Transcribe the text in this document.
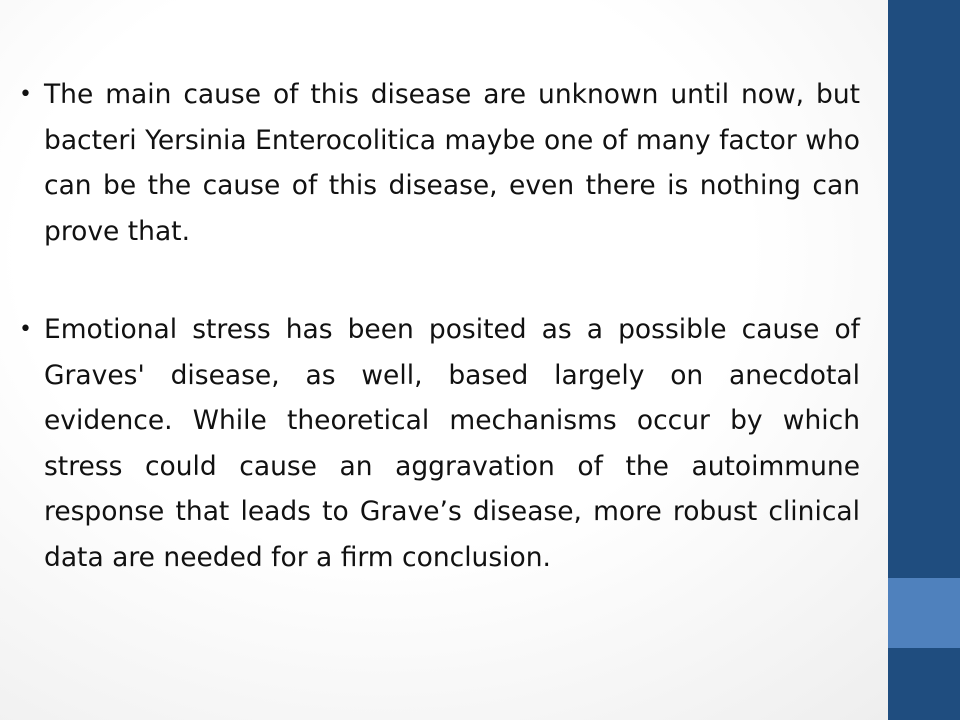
• The main cause of this disease are unknown until now, but bacteri Yersinia Enterocolitica maybe one of many factor who can be the cause of this disease, even there is nothing can prove that.

• Emotional stress has been posited as a possible cause of Graves' disease, as well, based largely on anecdotal evidence. While theoretical mechanisms occur by which stress could cause an aggravation of the autoimmune response that leads to Grave’s disease, more robust clinical data are needed for a firm conclusion.
